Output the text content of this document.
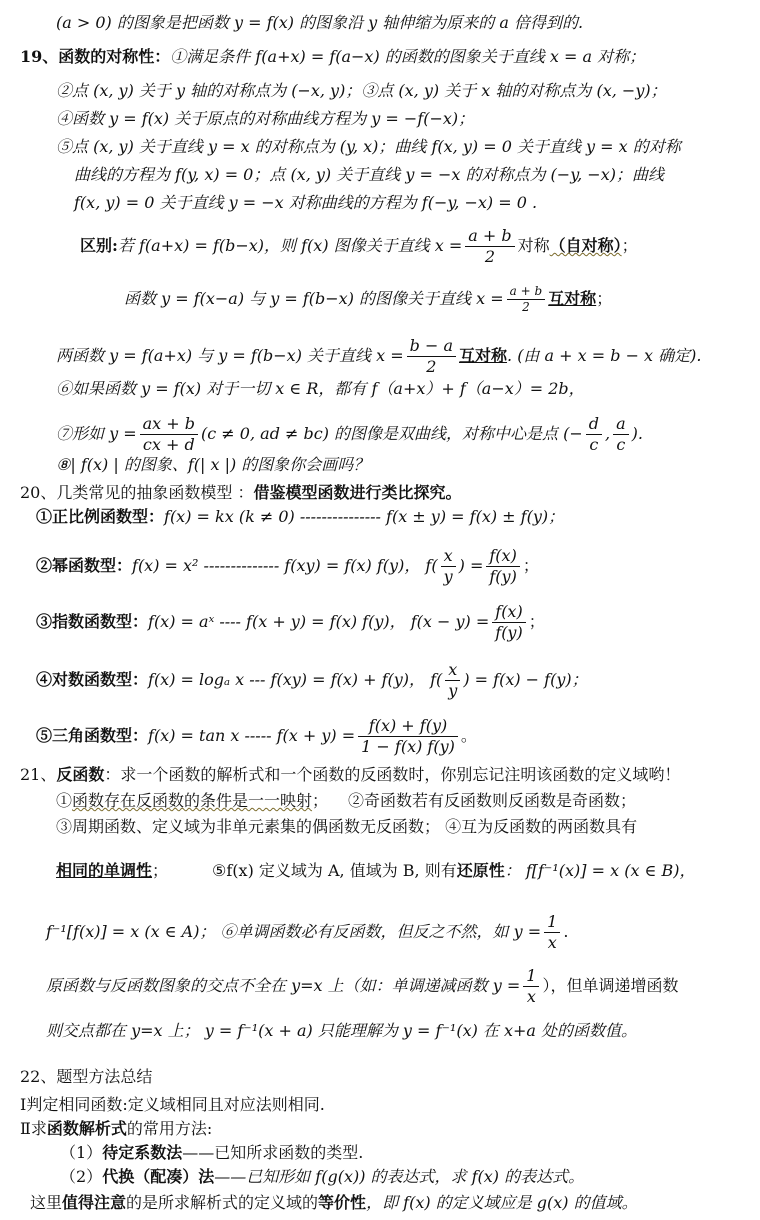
(a > 0) 的图象是把函数 y = f(x) 的图象沿 y 轴伸缩为原来的 a 倍得到的.
19、函数的对称性：①满足条件 f(a+x) = f(a−x) 的函数的图象关于直线 x = a 对称；
②点 (x, y) 关于 y 轴的对称点为 (−x, y)；③点 (x, y) 关于 x 轴的对称点为 (x, −y)；
④函数 y = f(x) 关于原点的对称曲线方程为 y = −f(−x)；
⑤点 (x, y) 关于直线 y = x 的对称点为 (y, x)；曲线 f(x, y) = 0 关于直线 y = x 的对称
曲线的方程为 f(y, x) = 0；点 (x, y) 关于直线 y = −x 的对称点为 (−y, −x)；曲线
f(x, y) = 0 关于直线 y = −x 对称曲线的方程为 f(−y, −x) = 0 .
区别:若 f(a+x) = f(b−x)，则 f(x) 图像关于直线 $x = \frac{a + b}{2}$ 对称（自对称）；
函数 y = f(x−a) 与 y = f(b−x) 的图像关于直线 $x = \frac{a + b}{2}$ 互对称；
两函数 y = f(a+x) 与 y = f(b−x) 关于直线 $x = \frac{b - a}{2}$ 互对称. (由 a + x = b − x 确定).
⑥如果函数 y = f(x) 对于一切 x ∈ R，都有 f（a+x）+ f（a−x）= 2b，
⑦形如 $y = \frac{ax + b}{cx + d} (c \ne 0$, ad ≠ bc) 的图像是双曲线，对称中心是点 (− $\frac{d}{c}$ , $\frac{a}{c}$ ).
⑧| f(x) | 的图象、f(| x |) 的图象你会画吗？
20、几类常见的抽象函数模型 ：借鉴模型函数进行类比探究。
①正比例函数型：f(x) = kx (k ≠ 0) --------------- f(x ± y) = f(x) ± f(y)；
②幂函数型：f(x) = x² -------------- f(xy) = f(x) f(y)， $f( \frac{x}{y}$ ) = $\frac{f(x)}{f(y)}$ ；
③指数函数型：f(x) = aˣ ---- f(x + y) = f(x) f(y)， $f(x - y) = \frac{f(x)}{f(y)}$ ；
④对数函数型：f(x) = logₐ x --- f(xy) = f(x) + f(y)， $f( \frac{x}{y}$ ) = f(x) − f(y)；
⑤三角函数型：f(x) = tan x ----- $f(x + y) = \frac{f(x) + f(y)}{1 - f(x) f(y)}$ 。
21、反函数：求一个函数的解析式和一个函数的反函数时，你别忘记注明该函数的定义域哟！
①函数存在反函数的条件是一一映射； ②奇函数若有反函数则反函数是奇函数；
③周期函数、定义域为非单元素集的偶函数无反函数； ④互为反函数的两函数具有
相同的单调性；	⑤f(x) 定义域为 A, 值域为 B, 则有还原性： f[f⁻¹(x)] = x (x ∈ B)，
f⁻¹[f(x)] = x (x ∈ A)； ⑥单调函数必有反函数，但反之不然，如 $y = \frac{1}{x}$ .
原函数与反函数图象的交点不全在 y=x 上（如：单调递减函数 $y = \frac{1}{x}$ ），但单调递增函数
则交点都在 y=x 上； y = f⁻¹(x + a) 只能理解为 y = f⁻¹(x) 在 x+a 处的函数值。
22、题型方法总结
Ⅰ判定相同函数:定义域相同且对应法则相同.
Ⅱ求函数解析式的常用方法:
（1）待定系数法——已知所求函数的类型.
（2）代换（配凑）法——已知形如 f(g(x)) 的表达式，求 f(x) 的表达式。
这里值得注意的是所求解析式的定义域的等价性，即 f(x) 的定义域应是 g(x) 的值域。
